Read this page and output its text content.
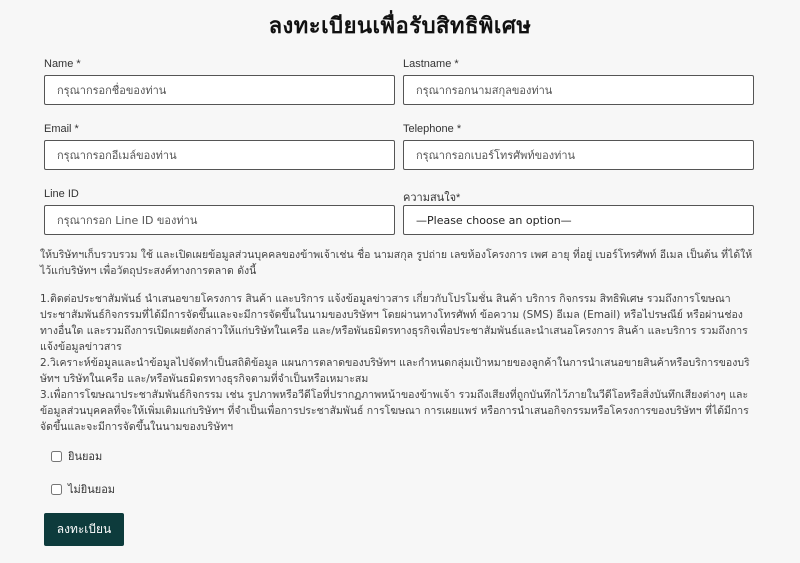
ลงทะเบียนเพื่อรับสิทธิพิเศษ
Name *
กรุณากรอกชื่อของท่าน	Lastname *
กรุณากรอกนามสกุลของท่าน
Email *
กรุณากรอกอีเมล์ของท่าน	Telephone *
กรุณากรอกเบอร์โทรศัพท์ของท่าน
Line ID
กรุณากรอก Line ID ของท่าน	ความสนใจ*
—Please choose an option—

ให้บริษัทฯเก็บรวบรวม ใช้ และเปิดเผยข้อมูลส่วนบุคคลของข้าพเจ้าเช่น ชื่อ นามสกุล รูปถ่าย เลขห้องโครงการ เพศ อายุ ที่อยู่ เบอร์โทรศัพท์ อีเมล เป็นต้น ที่ได้ให้ไว้แก่บริษัทฯ เพื่อวัตถุประสงค์ทางการตลาด ดังนี้

1.ติดต่อประชาสัมพันธ์ นำเสนอขายโครงการ สินค้า และบริการ แจ้งข้อมูลข่าวสาร เกี่ยวกับโปรโมชั่น สินค้า บริการ กิจกรรม สิทธิพิเศษ รวมถึงการโฆษณาประชาสัมพันธ์กิจกรรมที่ได้มีการจัดขึ้นและจะมีการจัดขึ้นในนามของบริษัทฯ โดยผ่านทางโทรศัพท์ ข้อความ (SMS) อีเมล (Email) หรือไปรษณีย์ หรือผ่านช่องทางอื่นใด และรวมถึงการเปิดเผยดังกล่าวให้แก่บริษัทในเครือ และ/หรือพันธมิตรทางธุรกิจเพื่อประชาสัมพันธ์และนำเสนอโครงการ สินค้า และบริการ รวมถึงการแจ้งข้อมูลข่าวสาร

2.วิเคราะห์ข้อมูลและนำข้อมูลไปจัดทำเป็นสถิติข้อมูล แผนการตลาดของบริษัทฯ และกำหนดกลุ่มเป้าหมายของลูกค้าในการนำเสนอขายสินค้าหรือบริการของบริษัทฯ บริษัทในเครือ และ/หรือพันธมิตรทางธุรกิจตามที่จำเป็นหรือเหมาะสม

3.เพื่อการโฆษณาประชาสัมพันธ์กิจกรรม เช่น รูปภาพหรือวีดีโอที่ปรากฏภาพหน้าของข้าพเจ้า รวมถึงเสียงที่ถูกบันทึกไว้ภายในวีดีโอหรือสิ่งบันทึกเสียงต่างๆ และข้อมูลส่วนบุคคลที่จะให้เพิ่มเติมแก่บริษัทฯ ที่จำเป็นเพื่อการประชาสัมพันธ์ การโฆษณา การเผยแพร่ หรือการนำเสนอกิจกรรมหรือโครงการของบริษัทฯ ที่ได้มีการจัดขึ้นและจะมีการจัดขึ้นในนามของบริษัทฯ

ยินยอม
ไม่ยินยอม
ลงทะเบียน
